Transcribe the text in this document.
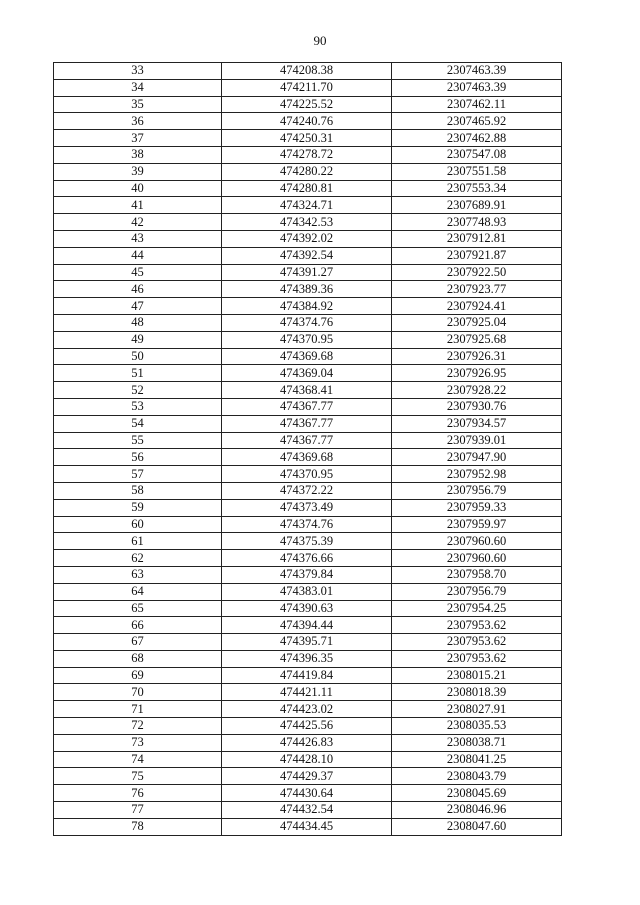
90
33	474208.38	2307463.39
34	474211.70	2307463.39
35	474225.52	2307462.11
36	474240.76	2307465.92
37	474250.31	2307462.88
38	474278.72	2307547.08
39	474280.22	2307551.58
40	474280.81	2307553.34
41	474324.71	2307689.91
42	474342.53	2307748.93
43	474392.02	2307912.81
44	474392.54	2307921.87
45	474391.27	2307922.50
46	474389.36	2307923.77
47	474384.92	2307924.41
48	474374.76	2307925.04
49	474370.95	2307925.68
50	474369.68	2307926.31
51	474369.04	2307926.95
52	474368.41	2307928.22
53	474367.77	2307930.76
54	474367.77	2307934.57
55	474367.77	2307939.01
56	474369.68	2307947.90
57	474370.95	2307952.98
58	474372.22	2307956.79
59	474373.49	2307959.33
60	474374.76	2307959.97
61	474375.39	2307960.60
62	474376.66	2307960.60
63	474379.84	2307958.70
64	474383.01	2307956.79
65	474390.63	2307954.25
66	474394.44	2307953.62
67	474395.71	2307953.62
68	474396.35	2307953.62
69	474419.84	2308015.21
70	474421.11	2308018.39
71	474423.02	2308027.91
72	474425.56	2308035.53
73	474426.83	2308038.71
74	474428.10	2308041.25
75	474429.37	2308043.79
76	474430.64	2308045.69
77	474432.54	2308046.96
78	474434.45	2308047.60
